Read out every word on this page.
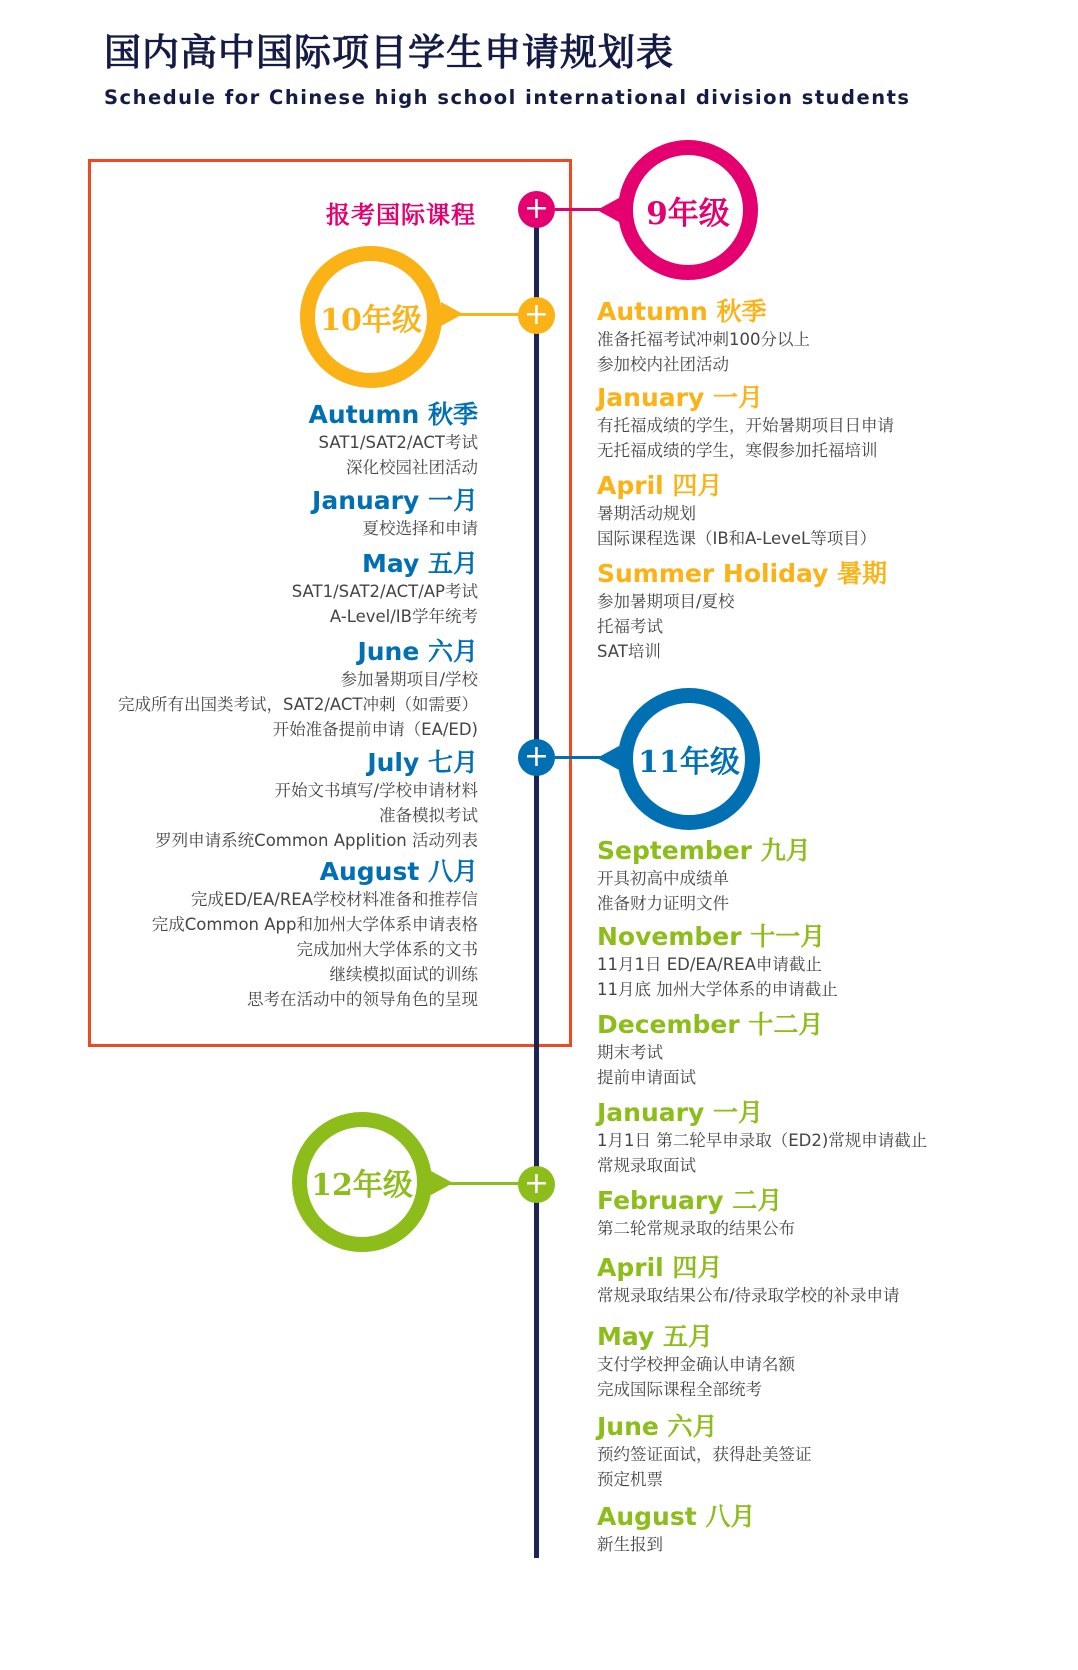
国内高中国际项目学生申请规划表
Schedule for Chinese high school international division students
报考国际课程 +	9年级
10年级	+ Autumn 秋季
准备托福考试冲刺100分以上
参加校内社团活动
January 一月
有托福成绩的学生，开始暑期项目日申请
无托福成绩的学生，寒假参加托福培训
April 四月
暑期活动规划
国际课程选课（IB和A-LeveL等项目）
Summer Holiday 暑期
参加暑期项目/夏校
托福考试
SAT培训
Autumn 秋季
SAT1/SAT2/ACT考试
深化校园社团活动
January 一月
夏校选择和申请
May 五月
SAT1/SAT2/ACT/AP考试
A-Level/IB学年统考
June 六月
参加暑期项目/学校
完成所有出国类考试，SAT2/ACT冲刺（如需要）
开始准备提前申请（EA/ED)
July 七月
开始文书填写/学校申请材料
准备模拟考试
罗列申请系统Common Applition 活动列表
August 八月
完成ED/EA/REA学校材料准备和推荐信
完成Common App和加州大学体系申请表格
完成加州大学体系的文书
继续模拟面试的训练
思考在活动中的领导角色的呈现
+	11年级
September 九月
开具初高中成绩单
准备财力证明文件
November 十一月
11月1日 ED/EA/REA申请截止
11月底 加州大学体系的申请截止
December 十二月
期末考试
提前申请面试
January 一月
1月1日 第二轮早申录取（ED2)常规申请截止
常规录取面试
February 二月
第二轮常规录取的结果公布
April 四月
常规录取结果公布/待录取学校的补录申请
May 五月
支付学校押金确认申请名额
完成国际课程全部统考
June 六月
预约签证面试，获得赴美签证
预定机票
August 八月
新生报到
12年级	+
